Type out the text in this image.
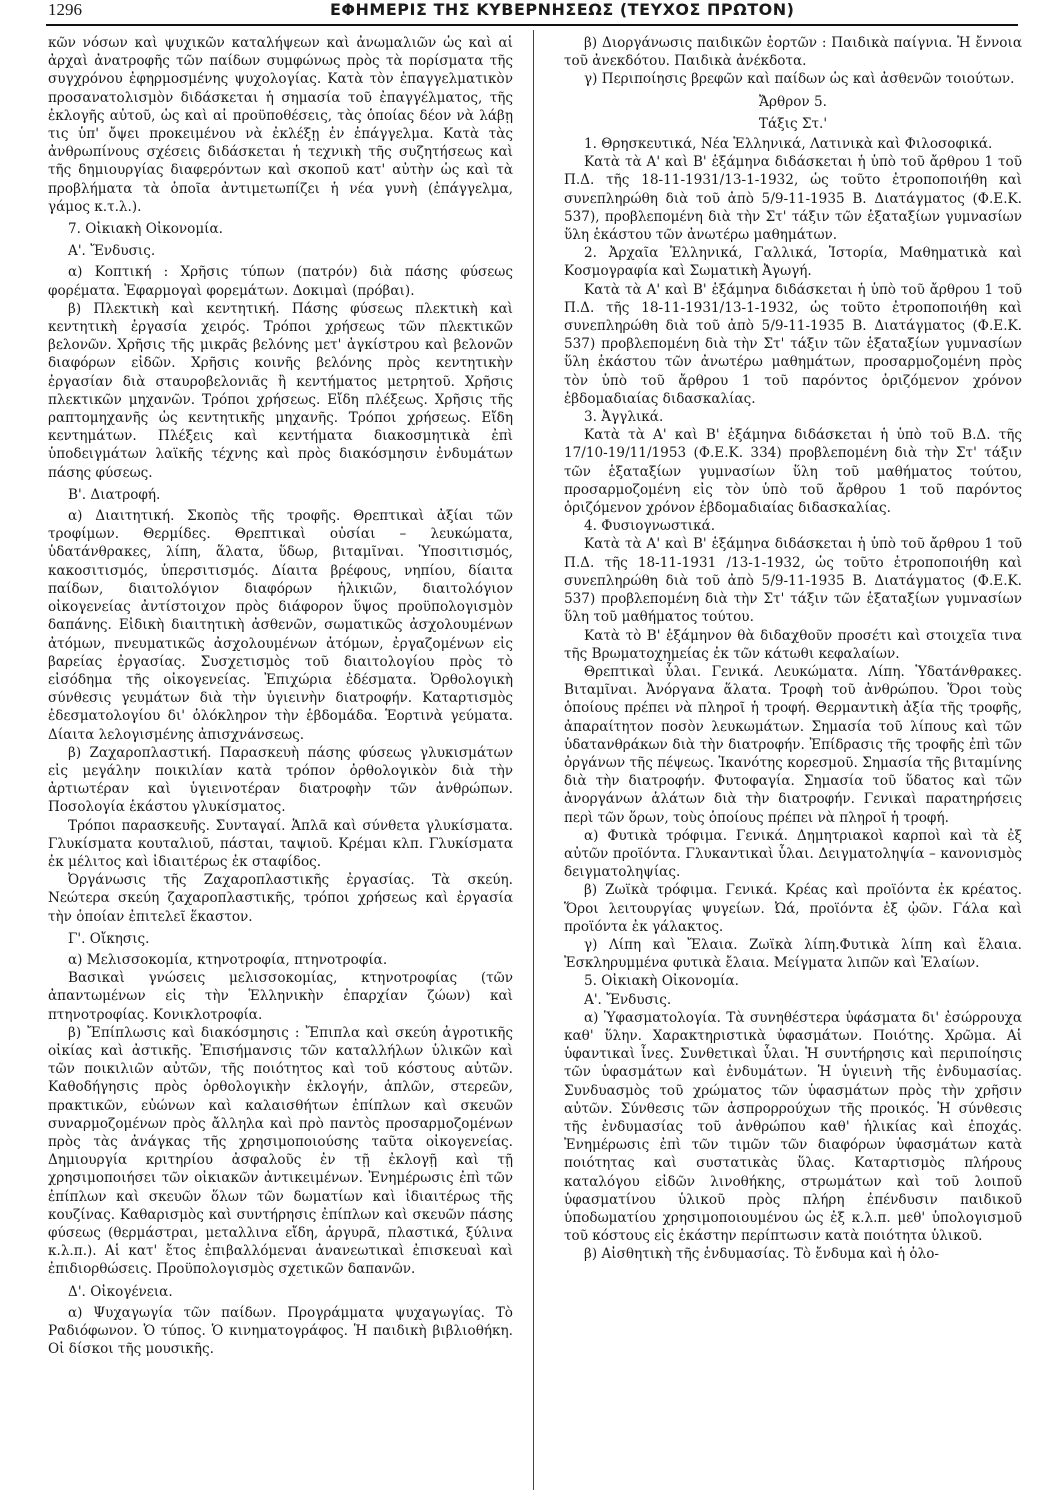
1296	ΕΦΗΜΕΡΙΣ ΤΗΣ ΚΥΒΕΡΝΗΣΕΩΣ (ΤΕΥΧΟΣ ΠΡΩΤΟΝ)

κῶν νόσων καὶ ψυχικῶν καταλήψεων καὶ ἀνωμαλιῶν ὡς καὶ αἱ ἀρχαὶ ἀνατροφῆς τῶν παίδων συμφώνως πρὸς τὰ πορίσματα τῆς συγχρόνου ἐφηρμοσμένης ψυχολογίας. Κατὰ τὸν ἐπαγγελματικὸν προσανατολισμὸν διδάσκεται ἡ σημασία τοῦ ἐπαγγέλματος, τῆς ἐκλογῆς αὐτοῦ, ὡς καὶ αἱ προϋποθέσεις, τὰς ὁποίας δέον νὰ λάβῃ τις ὑπ' ὄψει προκειμένου νὰ ἐκλέξῃ ἐν ἐπάγγελμα. Κατὰ τὰς ἀνθρωπίνους σχέσεις διδάσκεται ἡ τεχνικὴ τῆς συζητήσεως καὶ τῆς δημιουργίας διαφερόντων καὶ σκοποῦ κατ' αὐτὴν ὡς καὶ τὰ προβλήματα τὰ ὁποῖα ἀντιμετωπίζει ἡ νέα γυνὴ (ἐπάγγελμα, γάμος κ.τ.λ.).

7. Οἰκιακὴ Οἰκονομία.

Α'. Ἔνδυσις.

α) Κοπτική : Χρῆσις τύπων (πατρόν) διὰ πάσης φύσεως φορέματα. Ἐφαρμογαὶ φορεμάτων. Δοκιμαὶ (πρόβαι).

β) Πλεκτικὴ καὶ κεντητική. Πάσης φύσεως πλεκτικὴ καὶ κεντητικὴ ἐργασία χειρός. Τρόποι χρήσεως τῶν πλεκτικῶν βελονῶν. Χρῆσις τῆς μικρᾶς βελόνης μετ' ἀγκίστρου καὶ βελονῶν διαφόρων εἰδῶν. Χρῆσις κοινῆς βελόνης πρὸς κεντητικὴν ἐργασίαν διὰ σταυροβελονιᾶς ἢ κεντήματος μετρητοῦ. Χρῆσις πλεκτικῶν μηχανῶν. Τρόποι χρήσεως. Εἴδη πλέξεως. Χρῆσις τῆς ραπτομηχανῆς ὡς κεντητικῆς μηχανῆς. Τρόποι χρήσεως. Εἴδη κεντημάτων. Πλέξεις καὶ κεντήματα διακοσμητικὰ ἐπὶ ὑποδειγμάτων λαϊκῆς τέχνης καὶ πρὸς διακόσμησιν ἐνδυμάτων πάσης φύσεως.

Β'. Διατροφή.

α) Διαιτητική. Σκοπὸς τῆς τροφῆς. Θρεπτικαὶ ἀξίαι τῶν τροφίμων. Θερμίδες. Θρεπτικαὶ οὐσίαι – λευκώματα, ὑδατάνθρακες, λίπη, ἅλατα, ὕδωρ, βιταμῖναι. Ὑποσιτισμός, κακοσιτισμός, ὑπερσιτισμός. Δίαιτα βρέφους, νηπίου, δίαιτα παίδων, διαιτολόγιον διαφόρων ἡλικιῶν, διαιτολόγιον οἰκογενείας ἀντίστοιχον πρὸς διάφορον ὕψος προϋπολογισμὸν δαπάνης. Εἰδικὴ διαιτητικὴ ἀσθενῶν, σωματικῶς ἀσχολουμένων ἀτόμων, πνευματικῶς ἀσχολουμένων ἀτόμων, ἐργαζομένων εἰς βαρείας ἐργασίας. Συσχετισμὸς τοῦ διαιτολογίου πρὸς τὸ εἰσόδημα τῆς οἰκογενείας. Ἐπιχώρια ἐδέσματα. Ὀρθολογικὴ σύνθεσις γευμάτων διὰ τὴν ὑγιεινὴν διατροφήν. Καταρτισμὸς ἐδεσματολογίου δι' ὁλόκληρον τὴν ἑβδομάδα. Ἑορτινὰ γεύματα. Δίαιτα λελογισμένης ἀπισχνάνσεως.

β) Ζαχαροπλαστική. Παρασκευὴ πάσης φύσεως γλυκισμάτων εἰς μεγάλην ποικιλίαν κατὰ τρόπον ὀρθολογικὸν διὰ τὴν ἀρτιωτέραν καὶ ὑγιεινοτέραν διατροφὴν τῶν ἀνθρώπων. Ποσολογία ἑκάστου γλυκίσματος.

Τρόποι παρασκευῆς. Συνταγαί. Ἁπλᾶ καὶ σύνθετα γλυκίσματα. Γλυκίσματα κουταλιοῦ, πάσται, ταψιοῦ. Κρέμαι κλπ. Γλυκίσματα ἐκ μέλιτος καὶ ἰδιαιτέρως ἐκ σταφίδος.

Ὀργάνωσις τῆς Ζαχαροπλαστικῆς ἐργασίας. Τὰ σκεύη. Νεώτερα σκεύη ζαχαροπλαστικῆς, τρόποι χρήσεως καὶ ἐργασία τὴν ὁποίαν ἐπιτελεῖ ἕκαστον.

Γ'. Οἴκησις.

α) Μελισσοκομία, κτηνοτροφία, πτηνοτροφία.

Βασικαὶ γνώσεις μελισσοκομίας, κτηνοτροφίας (τῶν ἀπαντωμένων εἰς τὴν Ἑλληνικὴν ἐπαρχίαν ζώων) καὶ πτηνοτροφίας. Κονικλοτροφία.

β) Ἔπίπλωσις καὶ διακόσμησις : Ἔπιπλα καὶ σκεύη ἀγροτικῆς οἰκίας καὶ ἀστικῆς. Ἐπισήμανσις τῶν καταλλήλων ὑλικῶν καὶ τῶν ποικιλιῶν αὐτῶν, τῆς ποιότητος καὶ τοῦ κόστους αὐτῶν. Καθοδήγησις πρὸς ὀρθολογικὴν ἐκλογήν, ἁπλῶν, στερεῶν, πρακτικῶν, εὐώνων καὶ καλαισθήτων ἐπίπλων καὶ σκευῶν συναρμοζομένων πρὸς ἄλληλα καὶ πρὸ παντὸς προσαρμοζομένων πρὸς τὰς ἀνάγκας τῆς χρησιμοποιούσης ταῦτα οἰκογενείας. Δημιουργία κριτηρίου ἀσφαλοῦς ἐν τῇ ἐκλογῇ καὶ τῇ χρησιμοποιήσει τῶν οἰκιακῶν ἀντικειμένων. Ἐνημέρωσις ἐπὶ τῶν ἐπίπλων καὶ σκευῶν ὅλων τῶν δωματίων καὶ ἰδιαιτέρως τῆς κουζίνας. Καθαρισμὸς καὶ συντήρησις ἐπίπλων καὶ σκευῶν πάσης φύσεως (θερμάστραι, μεταλλινα εἴδη, ἀργυρᾶ, πλαστικά, ξύλινα κ.λ.π.). Αἱ κατ' ἔτος ἐπιβαλλόμεναι ἀνανεωτικαὶ ἐπισκευαὶ καὶ ἐπιδιορθώσεις. Προϋπολογισμὸς σχετικῶν δαπανῶν.

Δ'. Οἰκογένεια.

α) Ψυχαγωγία τῶν παίδων. Προγράμματα ψυχαγωγίας. Τὸ Ραδιόφωνον. Ὁ τύπος. Ὁ κινηματογράφος. Ἡ παιδικὴ βιβλιοθήκη. Οἱ δίσκοι τῆς μουσικῆς.

β) Διοργάνωσις παιδικῶν ἑορτῶν : Παιδικὰ παίγνια. Ἡ ἔννοια τοῦ ἀνεκδότου. Παιδικὰ ἀνέκδοτα.

γ) Περιποίησις βρεφῶν καὶ παίδων ὡς καὶ ἀσθενῶν τοιούτων.

Ἄρθρον 5.

Τάξις Στ.'

1. Θρησκευτικά, Νέα Ἑλληνικά, Λατινικὰ καὶ Φιλοσοφικά.

Κατὰ τὰ Α' καὶ Β' ἑξάμηνα διδάσκεται ἡ ὑπὸ τοῦ ἄρθρου 1 τοῦ Π.Δ. τῆς 18-11-1931/13-1-1932, ὡς τοῦτο ἐτροποποιήθη καὶ συνεπληρώθη διὰ τοῦ ἀπὸ 5/9-11-1935 Β. Διατάγματος (Φ.Ε.Κ. 537), προβλεπομένη διὰ τὴν Στ' τάξιν τῶν ἑξαταξίων γυμνασίων ὕλη ἑκάστου τῶν ἀνωτέρω μαθημάτων.

2. Ἀρχαῖα Ἑλληνικά, Γαλλικά, Ἱστορία, Μαθηματικὰ καὶ Κοσμογραφία καὶ Σωματικὴ Ἀγωγή.

Κατὰ τὰ Α' καὶ Β' ἑξάμηνα διδάσκεται ἡ ὑπὸ τοῦ ἄρθρου 1 τοῦ Π.Δ. τῆς 18-11-1931/13-1-1932, ὡς τοῦτο ἐτροποποιήθη καὶ συνεπληρώθη διὰ τοῦ ἀπὸ 5/9-11-1935 Β. Διατάγματος (Φ.Ε.Κ. 537) προβλεπομένη διὰ τὴν Στ' τάξιν τῶν ἑξαταξίων γυμνασίων ὕλη ἑκάστου τῶν ἀνωτέρω μαθημάτων, προσαρμοζομένη πρὸς τὸν ὑπὸ τοῦ ἄρθρου 1 τοῦ παρόντος ὁριζόμενον χρόνον ἑβδομαδιαίας διδασκαλίας.

3. Ἀγγλικά.

Κατὰ τὰ Α' καὶ Β' ἑξάμηνα διδάσκεται ἡ ὑπὸ τοῦ Β.Δ. τῆς 17/10-19/11/1953 (Φ.Ε.Κ. 334) προβλεπομένη διὰ τὴν Στ' τάξιν τῶν ἑξαταξίων γυμνασίων ὕλη τοῦ μαθήματος τούτου, προσαρμοζομένη εἰς τὸν ὑπὸ τοῦ ἄρθρου 1 τοῦ παρόντος ὁριζόμενον χρόνον ἑβδομαδιαίας διδασκαλίας.

4. Φυσιογνωστικά.

Κατὰ τὰ Α' καὶ Β' ἑξάμηνα διδάσκεται ἡ ὑπὸ τοῦ ἄρθρου 1 τοῦ Π.Δ. τῆς 18-11-1931 /13-1-1932, ὡς τοῦτο ἐτροποποιήθη καὶ συνεπληρώθη διὰ τοῦ ἀπὸ 5/9-11-1935 Β. Διατάγματος (Φ.Ε.Κ. 537) προβλεπομένη διὰ τὴν Στ' τάξιν τῶν ἑξαταξίων γυμνασίων ὕλη τοῦ μαθήματος τούτου.

Κατὰ τὸ Β' ἑξάμηνον θὰ διδαχθοῦν προσέτι καὶ στοιχεῖα τινα τῆς Βρωματοχημείας ἐκ τῶν κάτωθι κεφαλαίων.

Θρεπτικαὶ ὗλαι. Γενικά. Λευκώματα. Λίπη. Ὑδατάνθρακες. Βιταμῖναι. Ἀνόργανα ἅλατα. Τροφὴ τοῦ ἀνθρώπου. Ὅροι τοὺς ὁποίους πρέπει νὰ πληροῖ ἡ τροφή. Θερμαντικὴ ἀξία τῆς τροφῆς, ἀπαραίτητον ποσὸν λευκωμάτων. Σημασία τοῦ λίπους καὶ τῶν ὑδατανθράκων διὰ τὴν διατροφήν. Ἐπίδρασις τῆς τροφῆς ἐπὶ τῶν ὀργάνων τῆς πέψεως. Ἱκανότης κορεσμοῦ. Σημασία τῆς βιταμίνης διὰ τὴν διατροφήν. Φυτοφαγία. Σημασία τοῦ ὕδατος καὶ τῶν ἀνοργάνων ἁλάτων διὰ τὴν διατροφήν. Γενικαὶ παρατηρήσεις περὶ τῶν ὅρων, τοὺς ὁποίους πρέπει νὰ πληροῖ ἡ τροφή.

α) Φυτικὰ τρόφιμα. Γενικά. Δημητριακοὶ καρποὶ καὶ τὰ ἐξ αὐτῶν προϊόντα. Γλυκαντικαὶ ὗλαι. Δειγματοληψία – κανονισμὸς δειγματοληψίας.

β) Ζωϊκὰ τρόφιμα. Γενικά. Κρέας καὶ προϊόντα ἐκ κρέατος. Ὅροι λειτουργίας ψυγείων. Ὠά, προϊόντα ἐξ ᾠῶν. Γάλα καὶ προϊόντα ἐκ γάλακτος.

γ) Λίπη καὶ Ἔλαια. Ζωϊκὰ λίπη.Φυτικὰ λίπη καὶ ἔλαια. Ἐσκληρυμμένα φυτικὰ ἔλαια. Μείγματα λιπῶν καὶ Ἐλαίων.

5. Οἰκιακὴ Οἰκονομία.

Α'. Ἔνδυσις.

α) Ὑφασματολογία. Τὰ συνηθέστερα ὑφάσματα δι' ἐσώρρουχα καθ' ὕλην. Χαρακτηριστικὰ ὑφασμάτων. Ποιότης. Χρῶμα. Αἱ ὑφαντικαὶ ἶνες. Συνθετικαὶ ὗλαι. Ἡ συντήρησις καὶ περιποίησις τῶν ὑφασμάτων καὶ ἐνδυμάτων. Ἡ ὑγιεινὴ τῆς ἐνδυμασίας. Συνδυασμὸς τοῦ χρώματος τῶν ὑφασμάτων πρὸς τὴν χρῆσιν αὐτῶν. Σύνθεσις τῶν ἀσπρορρούχων τῆς προικός. Ἡ σύνθεσις τῆς ἐνδυμασίας τοῦ ἀνθρώπου καθ' ἡλικίας καὶ ἐποχάς. Ἐνημέρωσις ἐπὶ τῶν τιμῶν τῶν διαφόρων ὑφασμάτων κατὰ ποιότητας καὶ συστατικὰς ὕλας. Καταρτισμὸς πλήρους καταλόγου εἰδῶν λινοθήκης, στρωμάτων καὶ τοῦ λοιποῦ ὑφασματίνου ὑλικοῦ πρὸς πλήρη ἐπένδυσιν παιδικοῦ ὑποδωματίου χρησιμοποιουμένου ὡς ἐξ κ.λ.π. μεθ' ὑπολογισμοῦ τοῦ κόστους εἰς ἑκάστην περίπτωσιν κατὰ ποιότητα ὑλικοῦ.

β) Αἰσθητικὴ τῆς ἐνδυμασίας. Τὸ ἔνδυμα καὶ ἡ ὁλο-
